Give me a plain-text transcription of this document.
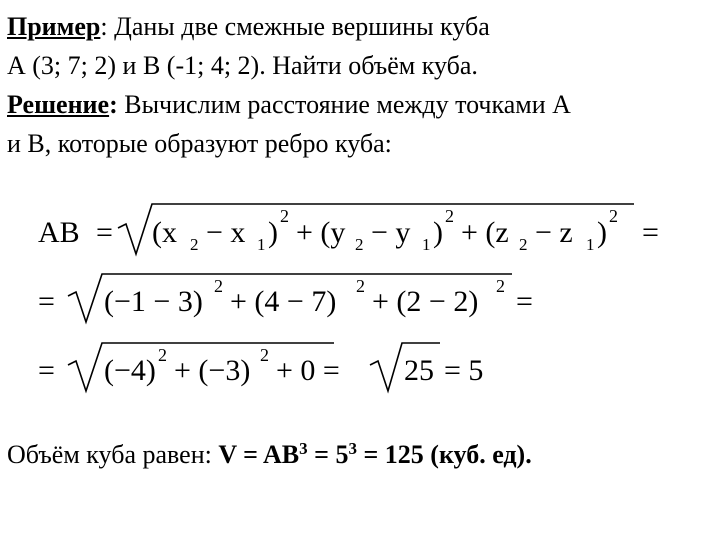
Пример: Даны две смежные вершины куба
А (3; 7; 2) и В (-1; 4; 2). Найти объём куба.
Решение: Вычислим расстояние между точками А
и В, которые образуют ребро куба:
AB = (x 2 − x 1 ) 2 + (y 2 − y 1 ) 2 + (z 2 − z 1 ) 2 =
= (−1 − 3) 2 + (4 − 7) 2 + (2 − 2) 2 =
= (−4) 2 + (−3) 2 + 0 = 25 = 5
Объём куба равен: $V = AB^3 = 5^3 = 125$ (куб. ед).
